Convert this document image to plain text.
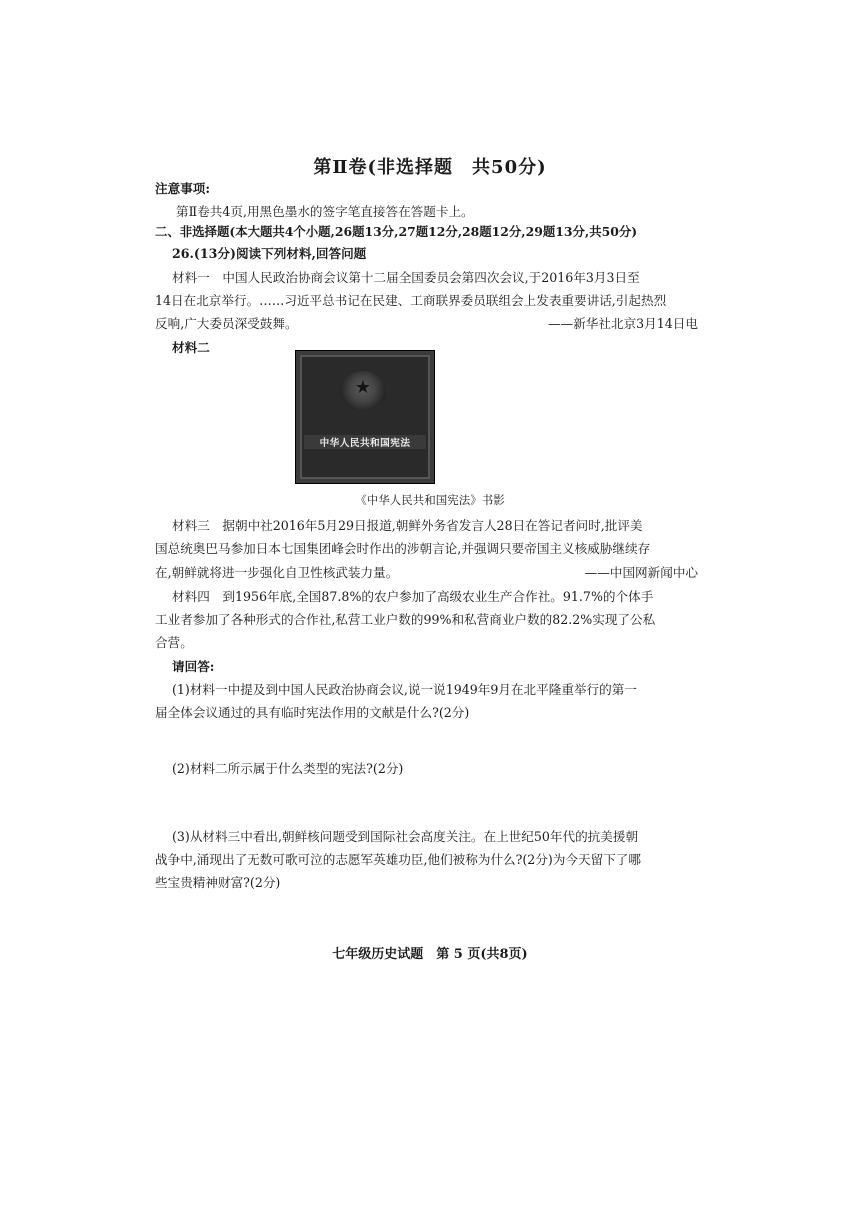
第Ⅱ卷(非选择题　共50分)
注意事项:
第Ⅱ卷共4页,用黑色墨水的签字笔直接答在答题卡上。
二、非选择题(本大题共4个小题,26题13分,27题12分,28题12分,29题13分,共50分)
26.(13分)阅读下列材料,回答问题
材料一　中国人民政治协商会议第十二届全国委员会第四次会议,于2016年3月3日至
14日在北京举行。……习近平总书记在民建、工商联界委员联组会上发表重要讲话,引起热烈
反响,广大委员深受鼓舞。	——新华社北京3月14日电
材料二
★
中华人民共和国宪法
《中华人民共和国宪法》书影
材料三　据朝中社2016年5月29日报道,朝鲜外务省发言人28日在答记者问时,批评美
国总统奥巴马参加日本七国集团峰会时作出的涉朝言论,并强调只要帝国主义核威胁继续存
在,朝鲜就将进一步强化自卫性核武装力量。	——中国网新闻中心
材料四　到1956年底,全国87.8%的农户参加了高级农业生产合作社。91.7%的个体手
工业者参加了各种形式的合作社,私营工业户数的99%和私营商业户数的82.2%实现了公私
合营。
请回答:
(1)材料一中提及到中国人民政治协商会议,说一说1949年9月在北平隆重举行的第一
届全体会议通过的具有临时宪法作用的文献是什么?(2分)
(2)材料二所示属于什么类型的宪法?(2分)
(3)从材料三中看出,朝鲜核问题受到国际社会高度关注。在上世纪50年代的抗美援朝
战争中,涌现出了无数可歌可泣的志愿军英雄功臣,他们被称为什么?(2分)为今天留下了哪
些宝贵精神财富?(2分)
七年级历史试题　第 5 页(共8页)
